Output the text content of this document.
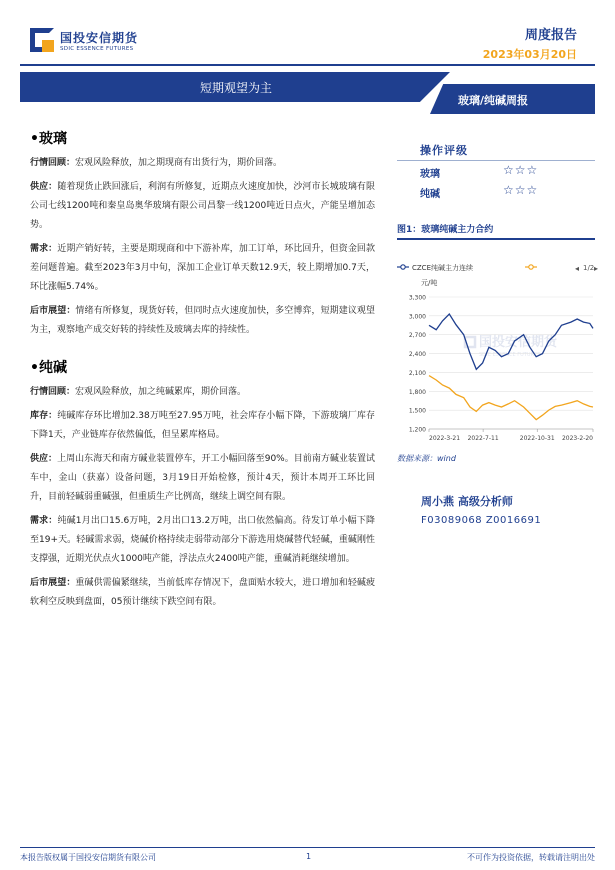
国投安信期货
SDIC ESSENCE FUTURES
周度报告
2023年03月20日
短期观望为主
玻璃/纯碱周报
•玻璃

行情回顾：宏观风险释放，加之期现商有出货行为，期价回落。

供应：随着现货止跌回涨后，利润有所修复，近期点火速度加快，沙河市长城玻璃有限公司七线1200吨和秦皇岛奥华玻璃有限公司昌黎一线1200吨近日点火，产能呈增加态势。

需求：近期产销好转，主要是期现商和中下游补库，加工订单，环比回升，但资金回款差问题普遍。截至2023年3月中旬，深加工企业订单天数12.9天，较上期增加0.7天，环比涨幅5.74%。

后市展望：情绪有所修复，现货好转，但同时点火速度加快，多空博弈，短期建议观望为主，观察地产成交好转的持续性及玻璃去库的持续性。

•纯碱

行情回顾：宏观风险释放，加之纯碱累库，期价回落。

库存：纯碱库存环比增加2.38万吨至27.95万吨，社会库存小幅下降，下游玻璃厂库存下降1天，产业链库存依然偏低，但呈累库格局。

供应：上周山东海天和南方碱业装置停车，开工小幅回落至90%。目前南方碱业装置试车中，金山（获嘉）设备问题，3月19日开始检修，预计4天，预计本周开工环比回升，目前轻碱弱重碱强，但重质生产比例高，继续上调空间有限。

需求：纯碱1月出口15.6万吨，2月出口13.2万吨，出口依然偏高。待发订单小幅下降至19+天。轻碱需求弱，烧碱价格持续走弱带动部分下游选用烧碱替代轻碱，重碱刚性支撑强，近期光伏点火1000吨产能，浮法点火2400吨产能，重碱消耗继续增加。

后市展望：重碱供需偏紧继续，当前低库存情况下，盘面贴水较大，进口增加和轻碱疲软利空反映到盘面，05预计继续下跌空间有限。

操作评级
玻璃	☆☆☆
纯碱	☆☆☆
图1：玻璃纯碱主力合约
国投安信期货
SDIC ESSENCE FUTURES
CZCE纯碱主力连续	1/2
◂ ▸
元/吨
1,200
1,500
1,800
2,100
2,400
2,700
3,000
3,300
2022-3-21 2022-7-11	2022-10-31 2023-2-20
数据来源：wind
周小燕 高级分析师
F03089068 Z0016691
本报告版权属于国投安信期货有限公司	1	不可作为投资依据，转载请注明出处
